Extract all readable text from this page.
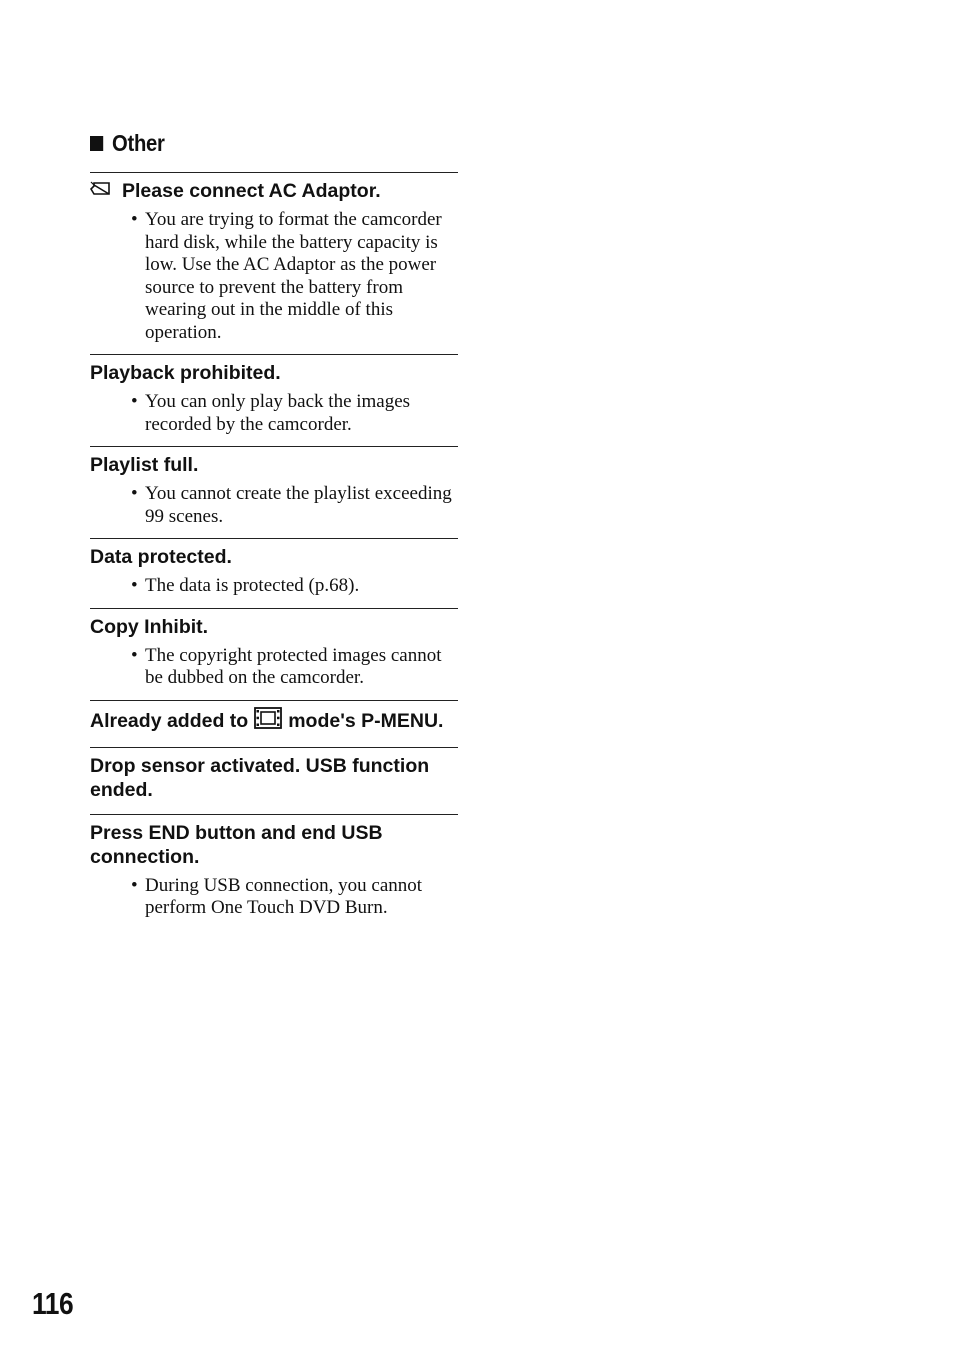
Other

Please connect AC Adaptor.

• You are trying to format the camcorder hard disk, while the battery capacity is low. Use the AC Adaptor as the power source to prevent the battery from wearing out in the middle of this operation.

Playback prohibited.

• You can only play back the images recorded by the camcorder.

Playlist full.

• You cannot create the playlist exceeding 99 scenes.

Data protected.

• The data is protected (p.68).

Copy Inhibit.

• The copyright protected images cannot be dubbed on the camcorder.

Already added to mode's P-MENU.

Drop sensor activated. USB function ended.

Press END button and end USB connection.

• During USB connection, you cannot perform One Touch DVD Burn.

116
